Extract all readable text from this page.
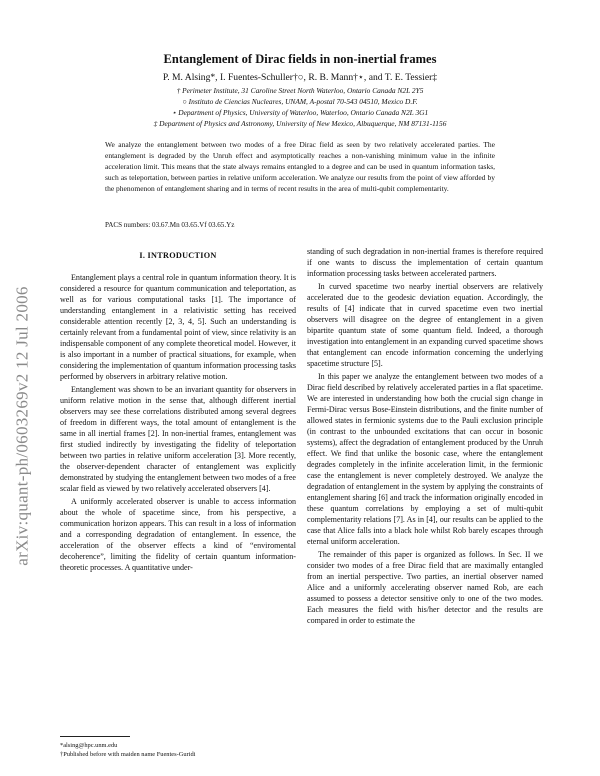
arXiv:quant-ph/0603269v2 12 Jul 2006
Entanglement of Dirac fields in non-inertial frames
P. M. Alsing*, I. Fuentes-Schuller†○, R. B. Mann†⋆, and T. E. Tessier‡
† Perimeter Institute, 31 Caroline Street North Waterloo, Ontario Canada N2L 2Y5
○ Instituto de Ciencias Nucleares, UNAM, A-postal 70-543 04510, Mexico D.F.
⋆ Department of Physics, University of Waterloo, Waterloo, Ontario Canada N2L 3G1
‡ Department of Physics and Astronomy, University of New Mexico, Albuquerque, NM 87131-1156

We analyze the entanglement between two modes of a free Dirac field as seen by two relatively accelerated parties. The entanglement is degraded by the Unruh effect and asymptotically reaches a non-vanishing minimum value in the infinite acceleration limit. This means that the state always remains entangled to a degree and can be used in quantum information tasks, such as teleportation, between parties in relative uniform acceleration. We analyze our results from the point of view afforded by the phenomenon of entanglement sharing and in terms of recent results in the area of multi-qubit complementarity.

PACS numbers: 03.67.Mn 03.65.Vf 03.65.Yz
I. INTRODUCTION

Entanglement plays a central role in quantum information theory. It is considered a resource for quantum communication and teleportation, as well as for various computational tasks [1]. The importance of understanding entanglement in a relativistic setting has received considerable attention recently [2, 3, 4, 5]. Such an understanding is certainly relevant from a fundamental point of view, since relativity is an indispensable component of any complete theoretical model. However, it is also important in a number of practical situations, for example, when considering the implementation of quantum information processing tasks performed by observers in arbitrary relative motion.

Entanglement was shown to be an invariant quantity for observers in uniform relative motion in the sense that, although different inertial observers may see these correlations distributed among several degrees of freedom in different ways, the total amount of entanglement is the same in all inertial frames [2]. In non-inertial frames, entanglement was first studied indirectly by investigating the fidelity of teleportation between two parties in relative uniform acceleration [3]. More recently, the observer-dependent character of entanglement was explicitly demonstrated by studying the entanglement between two modes of a free scalar field as viewed by two relatively accelerated observers [4].

A uniformly accelerated observer is unable to access information about the whole of spacetime since, from his perspective, a communication horizon appears. This can result in a loss of information and a corresponding degradation of entanglement. In essence, the acceleration of the observer effects a kind of “enviromental decoherence”, limiting the fidelity of certain quantum information-theoretic processes. A quantitative under-

standing of such degradation in non-inertial frames is therefore required if one wants to discuss the implementation of certain quantum information processing tasks between accelerated partners.

In curved spacetime two nearby inertial observers are relatively accelerated due to the geodesic deviation equation. Accordingly, the results of [4] indicate that in curved spacetime even two inertial observers will disagree on the degree of entanglement in a given bipartite quantum state of some quantum field. Indeed, a thorough investigation into entanglement in an expanding curved spacetime shows that entanglement can encode information concerning the underlying spacetime structure [5].

In this paper we analyze the entanglement between two modes of a Dirac field described by relatively accelerated parties in a flat spacetime. We are interested in understanding how both the crucial sign change in Fermi-Dirac versus Bose-Einstein distributions, and the finite number of allowed states in fermionic systems due to the Pauli exclusion principle (in contrast to the unbounded excitations that can occur in bosonic systems), affect the degradation of entanglement produced by the Unruh effect. We find that unlike the bosonic case, where the entanglement degrades completely in the infinite acceleration limit, in the fermionic case the entanglement is never completely destroyed. We analyze the degradation of entanglement in the system by applying the constraints of entanglement sharing [6] and track the information originally encoded in these quantum correlations by employing a set of multi-qubit complementarity relations [7]. As in [4], our results can be applied to the case that Alice falls into a black hole whilst Rob barely escapes through eternal uniform acceleration.

The remainder of this paper is organized as follows. In Sec. II we consider two modes of a free Dirac field that are maximally entangled from an inertial perspective. Two parties, an inertial observer named Alice and a uniformly accelerating observer named Rob, are each assumed to possess a detector sensitive only to one of the two modes. Each measures the field with his/her detector and the results are compared in order to estimate the

*alsing@hpc.unm.edu
†Published before with maiden name Fuentes-Guridi
